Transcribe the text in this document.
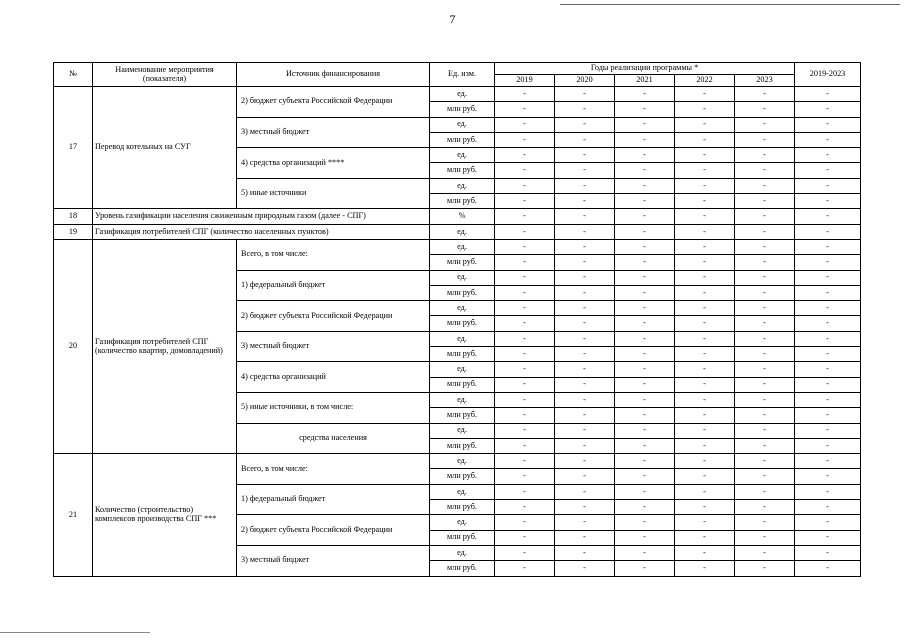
7
№	Наименование мероприятия (показателя)	Источник финансирования	Ед. изм.	Годы реализации программы *					2019-2023
				2019	2020	2021	2022	2023	
17	Перевод котельных на СУГ	2) бюджет субъекта Российской Федерации	ед.	-	-	-	-	-	-
			млн руб.	-	-	-	-	-	-
		3) местный бюджет	ед.	-	-	-	-	-	-
			млн руб.	-	-	-	-	-	-
		4) средства организаций ****	ед.	-	-	-	-	-	-
			млн руб.	-	-	-	-	-	-
		5) иные источники	ед.	-	-	-	-	-	-
			млн руб.	-	-	-	-	-	-
18	Уровень газификации населения сжиженным природным газом (далее - СПГ)		%	-	-	-	-	-	-
19	Газификация потребителей СПГ (количество населенных пунктов)		ед.	-	-	-	-	-	-
20	Газификация потребителей СПГ (количество квартир, домовладений)	Всего, в том числе:	ед.	-	-	-	-	-	-
			млн руб.	-	-	-	-	-	-
		1) федеральный бюджет	ед.	-	-	-	-	-	-
			млн руб.	-	-	-	-	-	-
		2) бюджет субъекта Российской Федерации	ед.	-	-	-	-	-	-
			млн руб.	-	-	-	-	-	-
		3) местный бюджет	ед.	-	-	-	-	-	-
			млн руб.	-	-	-	-	-	-
		4) средства организаций	ед.	-	-	-	-	-	-
			млн руб.	-	-	-	-	-	-
		5) иные источники, в том числе:	ед.	-	-	-	-	-	-
			млн руб.	-	-	-	-	-	-
		средства населения	ед.	-	-	-	-	-	-
			млн руб.	-	-	-	-	-	-
21	Количество (строительство) комплексов производства СПГ ***	Всего, в том числе:	ед.	-	-	-	-	-	-
			млн руб.	-	-	-	-	-	-
		1) федеральный бюджет	ед.	-	-	-	-	-	-
			млн руб.	-	-	-	-	-	-
		2) бюджет субъекта Российской Федерации	ед.	-	-	-	-	-	-
			млн руб.	-	-	-	-	-	-
		3) местный бюджет	ед.	-	-	-	-	-	-
			млн руб.	-	-	-	-	-	-
